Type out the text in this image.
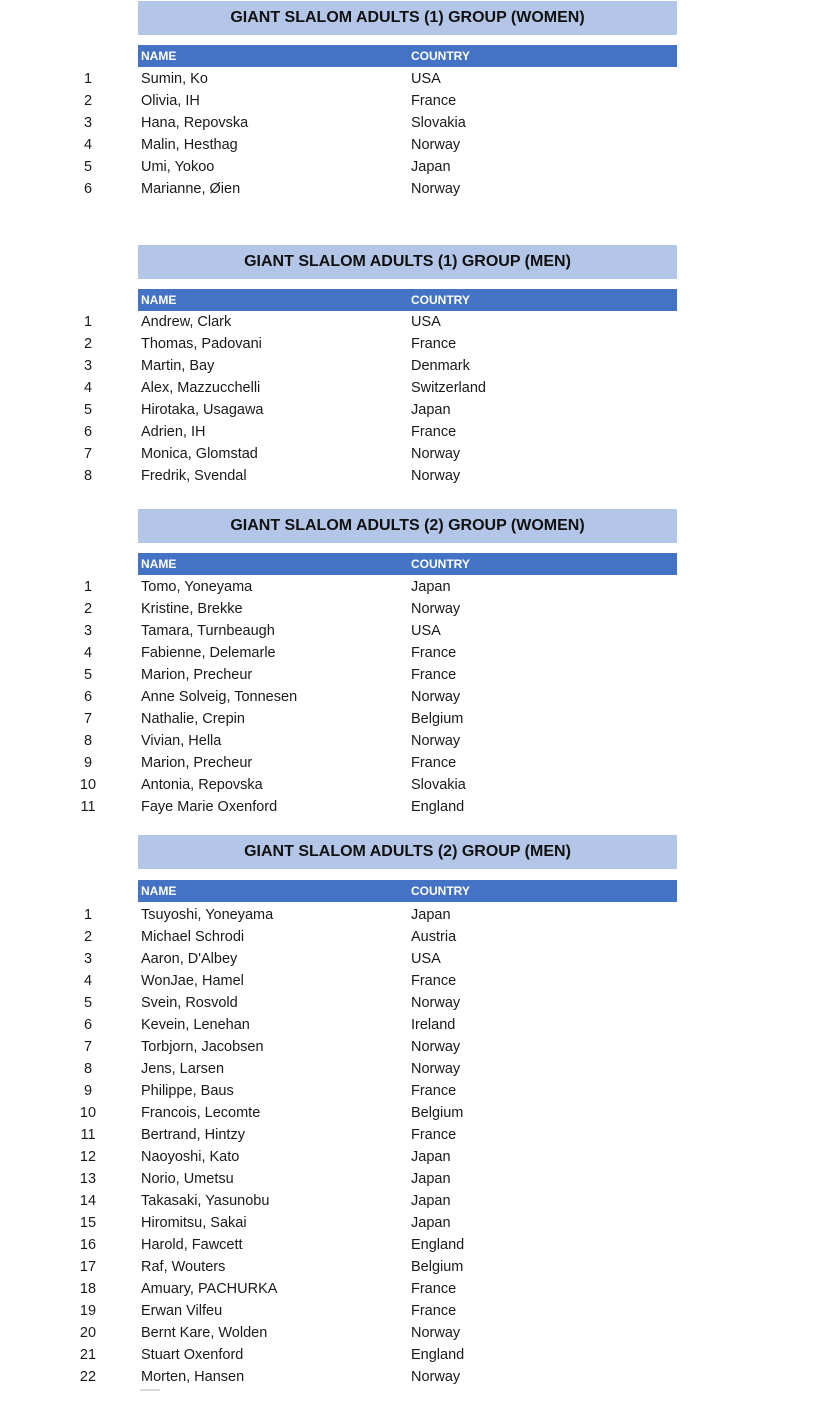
GIANT SLALOM ADULTS (1) GROUP (WOMEN)
NAME	COUNTRY
1	Sumin, Ko	USA
2	Olivia, IH	France
3	Hana, Repovska	Slovakia
4	Malin, Hesthag	Norway
5	Umi, Yokoo	Japan
6	Marianne, Øien	Norway
GIANT SLALOM ADULTS (1) GROUP (MEN)
NAME	COUNTRY
1	Andrew, Clark	USA
2	Thomas, Padovani	France
3	Martin, Bay	Denmark
4	Alex, Mazzucchelli	Switzerland
5	Hirotaka, Usagawa	Japan
6	Adrien, IH	France
7	Monica, Glomstad	Norway
8	Fredrik, Svendal	Norway
GIANT SLALOM ADULTS (2) GROUP (WOMEN)
NAME	COUNTRY
1	Tomo, Yoneyama	Japan
2	Kristine, Brekke	Norway
3	Tamara, Turnbeaugh	USA
4	Fabienne, Delemarle	France
5	Marion, Precheur	France
6	Anne Solveig, Tonnesen	Norway
7	Nathalie, Crepin	Belgium
8	Vivian, Hella	Norway
9	Marion, Precheur	France
10	Antonia, Repovska	Slovakia
11	Faye Marie Oxenford	England
GIANT SLALOM ADULTS (2) GROUP (MEN)
NAME	COUNTRY
1	Tsuyoshi, Yoneyama	Japan
2	Michael Schrodi	Austria
3	Aaron, D'Albey	USA
4	WonJae, Hamel	France
5	Svein, Rosvold	Norway
6	Kevein, Lenehan	Ireland
7	Torbjorn, Jacobsen	Norway
8	Jens, Larsen	Norway
9	Philippe, Baus	France
10	Francois, Lecomte	Belgium
11	Bertrand, Hintzy	France
12	Naoyoshi, Kato	Japan
13	Norio, Umetsu	Japan
14	Takasaki, Yasunobu	Japan
15	Hiromitsu, Sakai	Japan
16	Harold, Fawcett	England
17	Raf, Wouters	Belgium
18	Amuary, PACHURKA	France
19	Erwan Vilfeu	France
20	Bernt Kare, Wolden	Norway
21	Stuart Oxenford	England
22	Morten, Hansen	Norway
